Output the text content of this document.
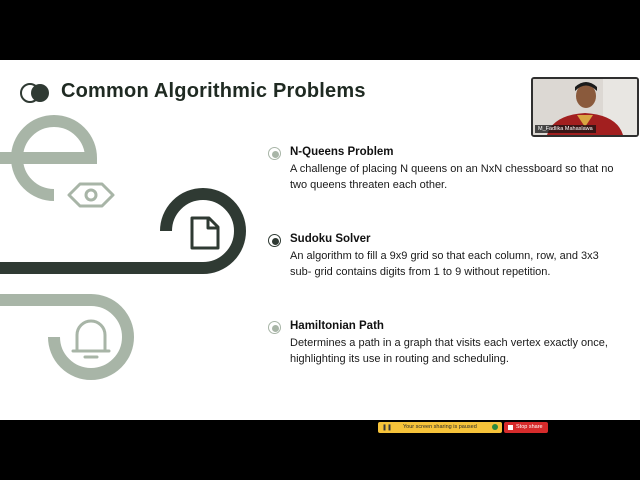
Common Algorithmic Problems
N-Queens Problem
A challenge of placing N queens on an NxN chessboard so that no two queens threaten each other.
Sudoku Solver
An algorithm to fill a 9x9 grid so that each column, row, and 3x3 sub- grid contains digits from 1 to 9 without repetition.
Hamiltonian Path
Determines a path in a graph that visits each vertex exactly once, highlighting its use in routing and scheduling.
M_Fadlika Mahaslawa
❚❚ Your screen sharing is paused	Stop share
